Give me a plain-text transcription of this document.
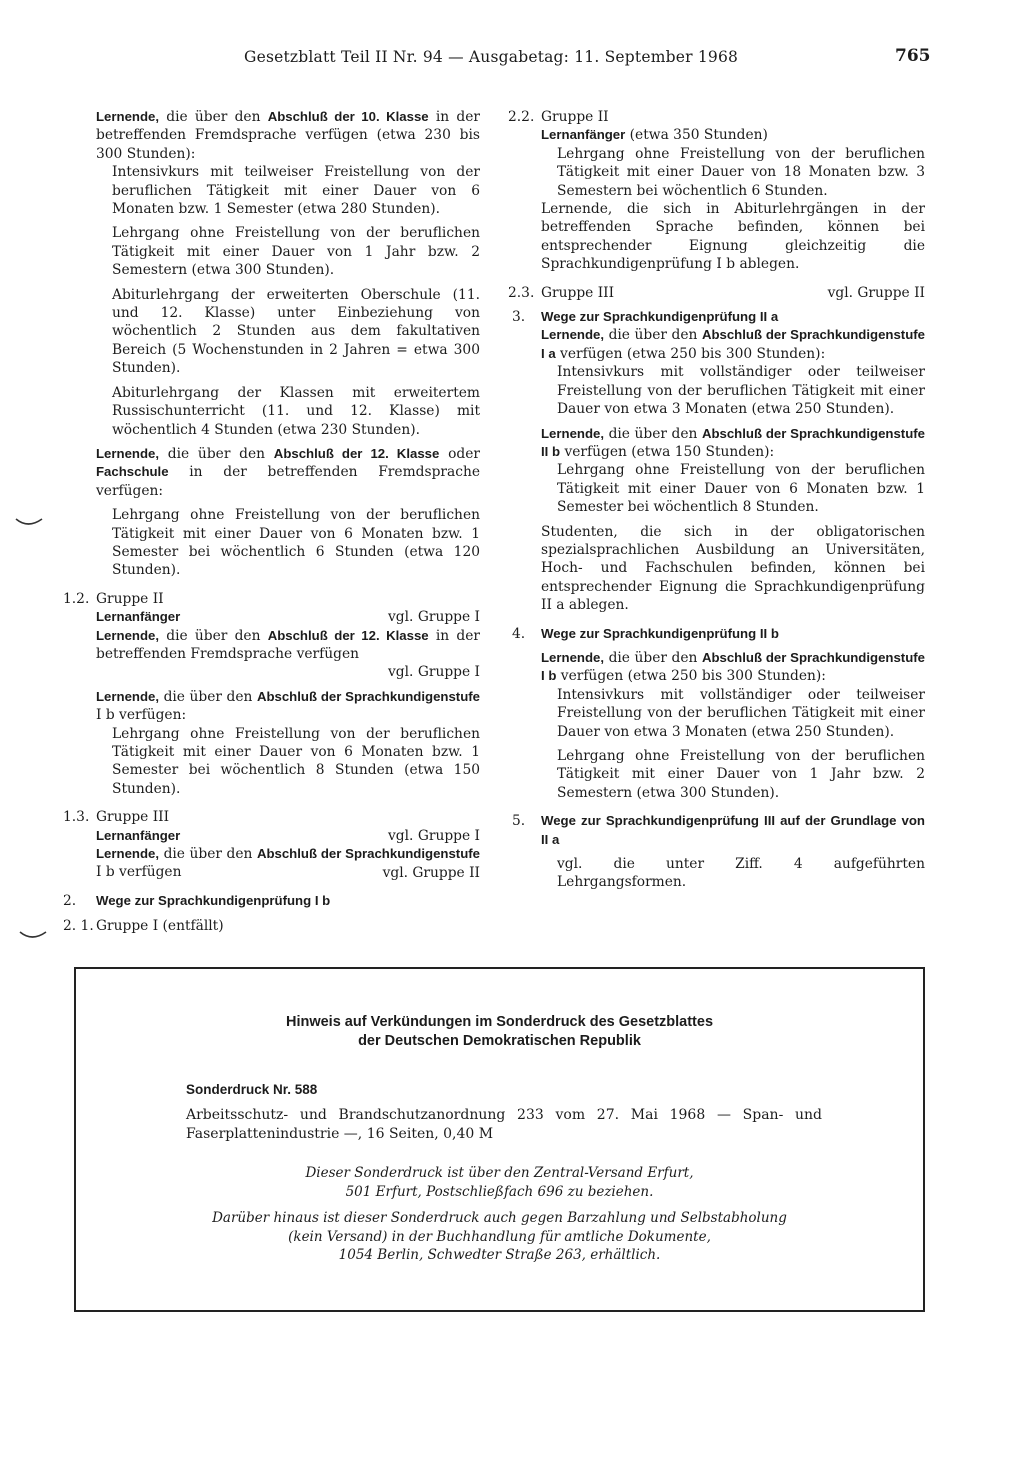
Gesetzblatt Teil II Nr. 94 — Ausgabetag: 11. September 1968	765

Lernende, die über den Abschluß der 10. Klasse in der betreffenden Fremdsprache verfügen (etwa 230 bis 300 Stunden):

Intensivkurs mit teilweiser Freistellung von der beruflichen Tätigkeit mit einer Dauer von 6 Monaten bzw. 1 Semester (etwa 280 Stunden).

Lehrgang ohne Freistellung von der beruflichen Tätigkeit mit einer Dauer von 1 Jahr bzw. 2 Semestern (etwa 300 Stunden).

Abiturlehrgang der erweiterten Oberschule (11. und 12. Klasse) unter Einbeziehung von wöchentlich 2 Stunden aus dem fakultativen Bereich (5 Wochenstunden in 2 Jahren = etwa 300 Stunden).

Abiturlehrgang der Klassen mit erweitertem Russischunterricht (11. und 12. Klasse) mit wöchentlich 4 Stunden (etwa 230 Stunden).

Lernende, die über den Abschluß der 12. Klasse oder Fachschule in der betreffenden Fremdsprache verfügen:

Lehrgang ohne Freistellung von der beruflichen Tätigkeit mit einer Dauer von 6 Monaten bzw. 1 Semester bei wöchentlich 6 Stunden (etwa 120 Stunden).

1.2. Gruppe II
Lernanfänger	vgl. Gruppe I

Lernende, die über den Abschluß der 12. Klasse in der betreffenden Fremdsprache verfügen

vgl. Gruppe I

Lernende, die über den Abschluß der Sprachkundigenstufe I b verfügen:

Lehrgang ohne Freistellung von der beruflichen Tätigkeit mit einer Dauer von 6 Monaten bzw. 1 Semester bei wöchentlich 8 Stunden (etwa 150 Stunden).

1.3. Gruppe III
Lernanfänger	vgl. Gruppe I

Lernende, die über den Abschluß der Sprachkundigenstufe I b verfügen	vgl. Gruppe II
2. Wege zur Sprachkundigenprüfung I b
2. 1. Gruppe I (entfällt)
2.2. Gruppe II

Lernanfänger (etwa 350 Stunden)

Lehrgang ohne Freistellung von der beruflichen Tätigkeit mit einer Dauer von 18 Monaten bzw. 3 Semestern bei wöchentlich 6 Stunden.

Lernende, die sich in Abiturlehrgängen in der betreffenden Sprache befinden, können bei entsprechender Eignung gleichzeitig die Sprachkundigenprüfung I b ablegen.

2.3. Gruppe III	vgl. Gruppe II
3. Wege zur Sprachkundigenprüfung II a

Lernende, die über den Abschluß der Sprachkundigenstufe I a verfügen (etwa 250 bis 300 Stunden):

Intensivkurs mit vollständiger oder teilweiser Freistellung von der beruflichen Tätigkeit mit einer Dauer von etwa 3 Monaten (etwa 250 Stunden).

Lernende, die über den Abschluß der Sprachkundigenstufe II b verfügen (etwa 150 Stunden):

Lehrgang ohne Freistellung von der beruflichen Tätigkeit mit einer Dauer von 6 Monaten bzw. 1 Semester bei wöchentlich 8 Stunden.

Studenten, die sich in der obligatorischen spezialsprachlichen Ausbildung an Universitäten, Hoch- und Fachschulen befinden, können bei entsprechender Eignung die Sprachkundigenprüfung II a ablegen.

4. Wege zur Sprachkundigenprüfung II b

Lernende, die über den Abschluß der Sprachkundigenstufe I b verfügen (etwa 250 bis 300 Stunden):

Intensivkurs mit vollständiger oder teilweiser Freistellung von der beruflichen Tätigkeit mit einer Dauer von etwa 3 Monaten (etwa 250 Stunden).

Lehrgang ohne Freistellung von der beruflichen Tätigkeit mit einer Dauer von 1 Jahr bzw. 2 Semestern (etwa 300 Stunden).

5. Wege zur Sprachkundigenprüfung III auf der Grundlage von II a

vgl. die unter Ziff. 4 aufgeführten Lehrgangsformen.

Hinweis auf Verkündungen im Sonderdruck des Gesetzblattes
der Deutschen Demokratischen Republik
Sonderdruck Nr. 588
Arbeitsschutz- und Brandschutzanordnung 233 vom 27. Mai 1968 — Span- und Faserplattenindustrie —, 16 Seiten, 0,40 M
Dieser Sonderdruck ist über den Zentral-Versand Erfurt,
501 Erfurt, Postschließfach 696 zu beziehen.
Darüber hinaus ist dieser Sonderdruck auch gegen Barzahlung und Selbstabholung
(kein Versand) in der Buchhandlung für amtliche Dokumente,
1054 Berlin, Schwedter Straße 263, erhältlich.
